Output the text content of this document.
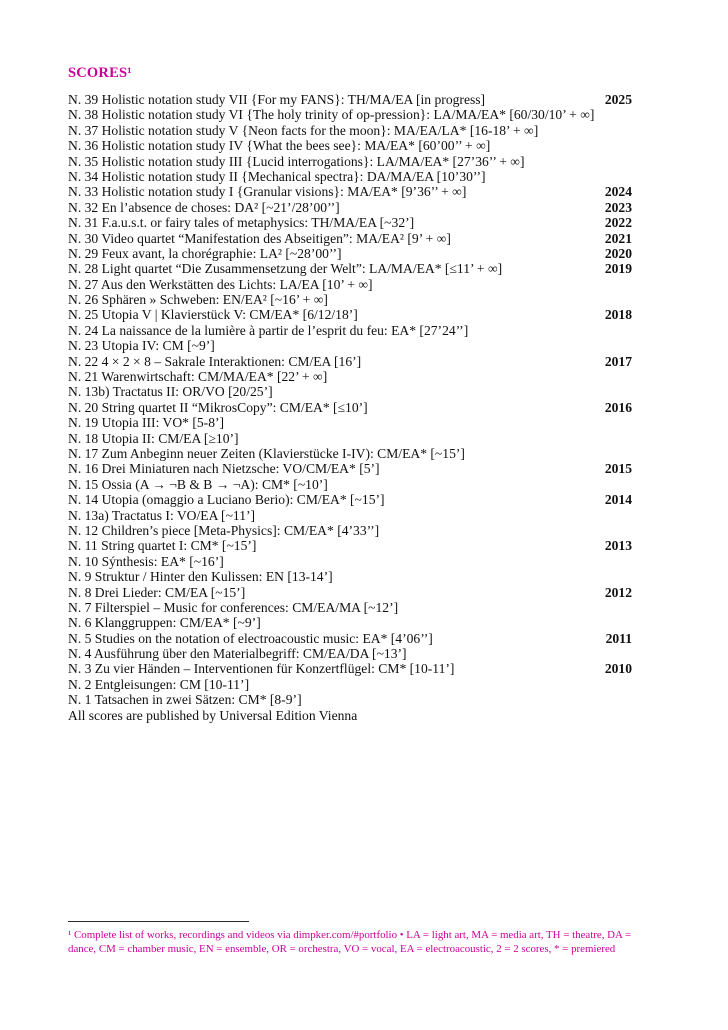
SCORES¹
N. 39 Holistic notation study VII {For my FANS}: TH/MA/EA [in progress]	2025
N. 38 Holistic notation study VI {The holy trinity of op-pression}: LA/MA/EA* [60/30/10’ + ∞]
N. 37 Holistic notation study V {Neon facts for the moon}: MA/EA/LA* [16-18’ + ∞]
N. 36 Holistic notation study IV {What the bees see}: MA/EA* [60’00’’ + ∞]
N. 35 Holistic notation study III {Lucid interrogations}: LA/MA/EA* [27’36’’ + ∞]
N. 34 Holistic notation study II {Mechanical spectra}: DA/MA/EA [10’30’’]
N. 33 Holistic notation study I {Granular visions}: MA/EA* [9’36’’ + ∞]	2024
N. 32 En l’absence de choses: DA² [~21’/28’00’’]	2023
N. 31 F.a.u.s.t. or fairy tales of metaphysics: TH/MA/EA [~32’]	2022
N. 30 Video quartet “Manifestation des Abseitigen”: MA/EA² [9’ + ∞]	2021
N. 29 Feux avant, la chorégraphie: LA² [~28’00’’]	2020
N. 28 Light quartet “Die Zusammensetzung der Welt”: LA/MA/EA* [≤11’ + ∞]	2019
N. 27 Aus den Werkstätten des Lichts: LA/EA [10’ + ∞]
N. 26 Sphären » Schweben: EN/EA² [~16’ + ∞]
N. 25 Utopia V | Klavierstück V: CM/EA* [6/12/18’]	2018
N. 24 La naissance de la lumière à partir de l’esprit du feu: EA* [27’24’’]
N. 23 Utopia IV: CM [~9’]
N. 22 4 × 2 × 8 – Sakrale Interaktionen: CM/EA [16’]	2017
N. 21 Warenwirtschaft: CM/MA/EA* [22’ + ∞]
N. 13b) Tractatus II: OR/VO [20/25’]
N. 20 String quartet II “MikrosCopy”: CM/EA* [≤10’]	2016
N. 19 Utopia III: VO* [5-8’]
N. 18 Utopia II: CM/EA [≥10’]
N. 17 Zum Anbeginn neuer Zeiten (Klavierstücke I-IV): CM/EA* [~15’]
N. 16 Drei Miniaturen nach Nietzsche: VO/CM/EA* [5’]	2015
N. 15 Ossia (A → ¬B & B → ¬A): CM* [~10’]
N. 14 Utopia (omaggio a Luciano Berio): CM/EA* [~15’]	2014
N. 13a) Tractatus I: VO/EA [~11’]
N. 12 Children’s piece [Meta-Physics]: CM/EA* [4’33’’]
N. 11 String quartet I: CM* [~15’]	2013
N. 10 Sýnthesis: EA* [~16’]
N. 9 Struktur / Hinter den Kulissen: EN [13-14’]
N. 8 Drei Lieder: CM/EA [~15’]	2012
N. 7 Filterspiel – Music for conferences: CM/EA/MA [~12’]
N. 6 Klanggruppen: CM/EA* [~9’]
N. 5 Studies on the notation of electroacoustic music: EA* [4’06’’]	2011
N. 4 Ausführung über den Materialbegriff: CM/EA/DA [~13’]
N. 3 Zu vier Händen – Interventionen für Konzertflügel: CM* [10-11’]	2010
N. 2 Entgleisungen: CM [10-11’]
N. 1 Tatsachen in zwei Sätzen: CM* [8-9’]
All scores are published by Universal Edition Vienna

¹ Complete list of works, recordings and videos via dimpker.com/#portfolio • LA = light art, MA = media art, TH = theatre, DA = dance, CM = chamber music, EN = ensemble, OR = orchestra, VO = vocal, EA = electroacoustic, 2 = 2 scores, * = premiered
